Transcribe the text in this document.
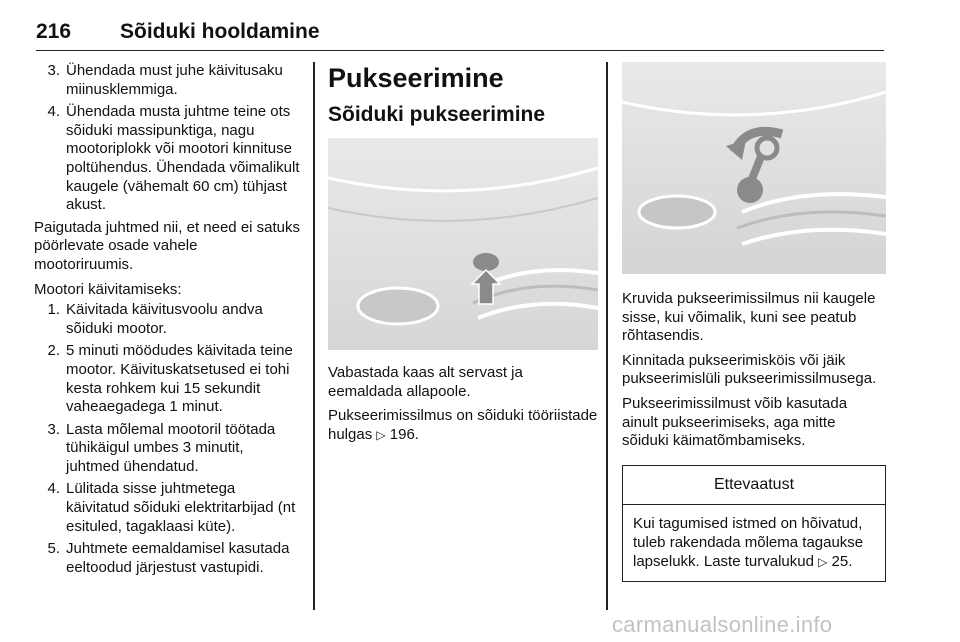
216 Sõiduki hooldamine
3. Ühendada must juhe käivitusaku miinusklemmiga.
4. Ühendada musta juhtme teine ots sõiduki massipunktiga, nagu mootoriplokk või mootori kinnituse poltühendus. Ühendada võimalikult kaugele (vähemalt 60 cm) tühjast akust.

Paigutada juhtmed nii, et need ei satuks pöörlevate osade vahele mootoriruumis.

Mootori käivitamiseks:

1. Käivitada käivitusvoolu andva sõiduki mootor.
2. 5 minuti möödudes käivitada teine mootor. Käivituskatsetused ei tohi kesta rohkem kui 15 sekundit vaheaegadega 1 minut.
3. Lasta mõlemal mootoril töötada tühikäigul umbes 3 minutit, juhtmed ühendatud.
4. Lülitada sisse juhtmetega käivitatud sõiduki elektritarbijad (nt esituled, tagaklaasi küte).
5. Juhtmete eemaldamisel kasutada eeltoodud järjestust vastupidi.
Pukseerimine
Sõiduki pukseerimine

Vabastada kaas alt servast ja eemaldada allapoole.

Pukseerimissilmus on sõiduki tööriistade hulgas ▷ 196.

Kruvida pukseerimissilmus nii kaugele sisse, kui võimalik, kuni see peatub rõhtasendis.

Kinnitada pukseerimisköis või jäik pukseerimislüli pukseerimissilmusega.

Pukseerimissilmust võib kasutada ainult pukseerimiseks, aga mitte sõiduki käimatõmbamiseks.

Ettevaatust
Kui tagumised istmed on hõivatud, tuleb rakendada mõlema tagaukse lapselukk. Laste turvalukud ▷ 25.
carmanualsonline.info
